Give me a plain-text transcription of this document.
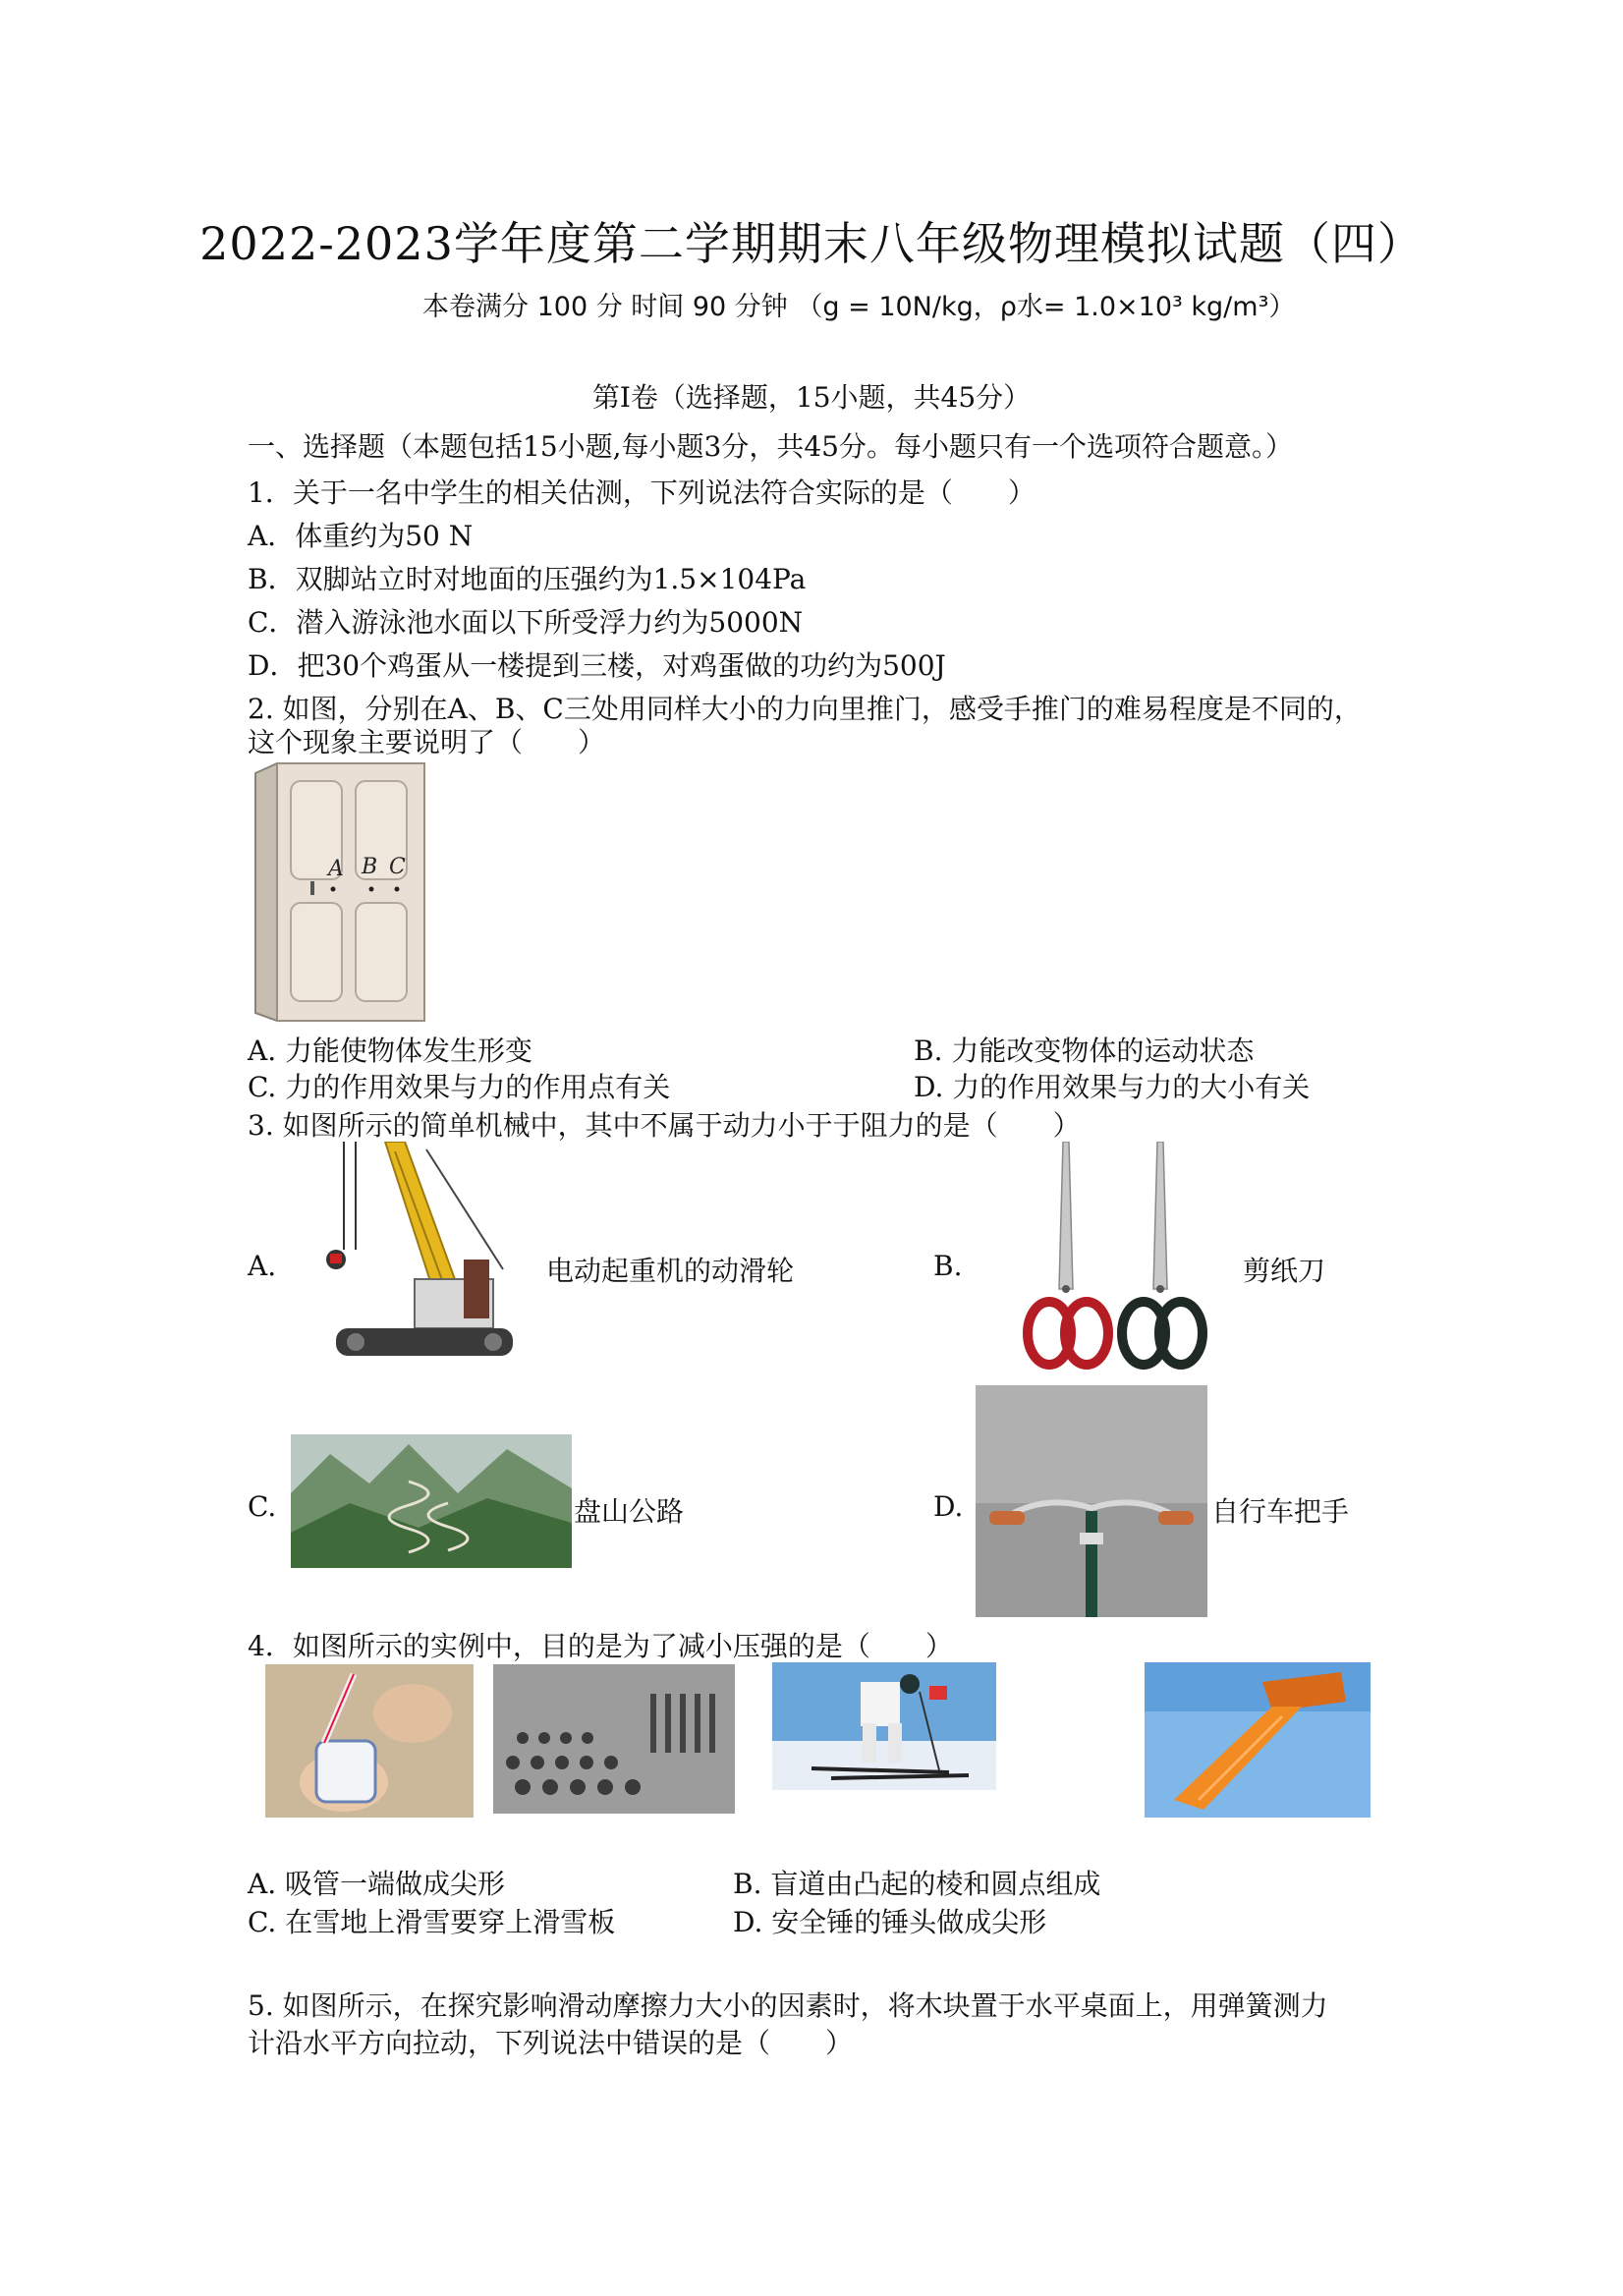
2022-2023学年度第二学期期末八年级物理模拟试题（四）
本卷满分 100 分 时间 90 分钟 （g = 10N/kg，ρ水= 1.0×10³ kg/m³）
第Ⅰ卷（选择题，15小题，共45分）
一、选择题（本题包括15小题,每小题3分，共45分。每小题只有一个选项符合题意。）
1．关于一名中学生的相关估测，下列说法符合实际的是（　　）
A．体重约为50 N
B．双脚站立时对地面的压强约为1.5×104Pa
C．潜入游泳池水面以下所受浮力约为5000N
D．把30个鸡蛋从一楼提到三楼，对鸡蛋做的功约为500J
2. 如图，分别在A、B、C三处用同样大小的力向里推门，感受手推门的难易程度是不同的，
这个现象主要说明了（　　）
A B C
A. 力能使物体发生形变	B. 力能改变物体的运动状态
C. 力的作用效果与力的作用点有关	D. 力的作用效果与力的大小有关
3. 如图所示的简单机械中，其中不属于动力小于于阻力的是（　　）
A.	电动起重机的动滑轮	B.	剪纸刀
C.	盘山公路	D.	自行车把手
4．如图所示的实例中，目的是为了减小压强的是（　　）
A. 吸管一端做成尖形	B. 盲道由凸起的棱和圆点组成
C. 在雪地上滑雪要穿上滑雪板	D. 安全锤的锤头做成尖形
5. 如图所示，在探究影响滑动摩擦力大小的因素时，将木块置于水平桌面上，用弹簧测力
计沿水平方向拉动，下列说法中错误的是（　　）
